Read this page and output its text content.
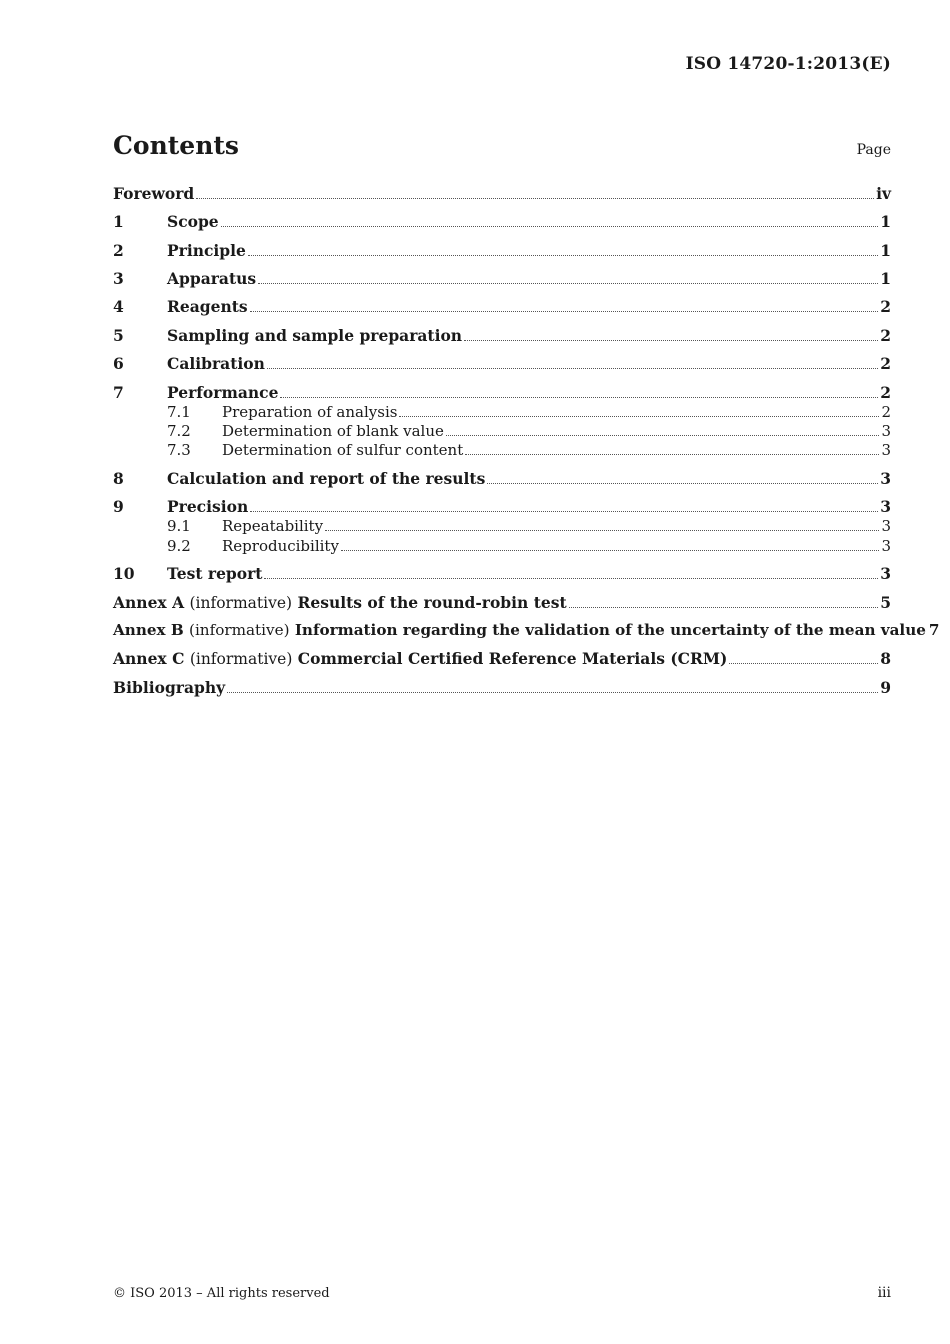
ISO 14720-1:2013(E)
Contents	Page
Foreword	iv
1	Scope	1
2	Principle	1
3	Apparatus	1
4	Reagents	2
5	Sampling and sample preparation	2
6	Calibration	2
7	Performance	2
7.1	Preparation of analysis	2
7.2	Determination of blank value	3
7.3	Determination of sulfur content	3
8	Calculation and report of the results	3
9	Precision	3
9.1	Repeatability	3
9.2	Reproducibility	3
10	Test report	3
Annex A (informative) Results of the round-robin test	5
Annex B (informative) Information regarding the validation of the uncertainty of the mean value 7
Annex C (informative) Commercial Certified Reference Materials (CRM)	8
Bibliography	9
© ISO 2013 – All rights reserved	iii
